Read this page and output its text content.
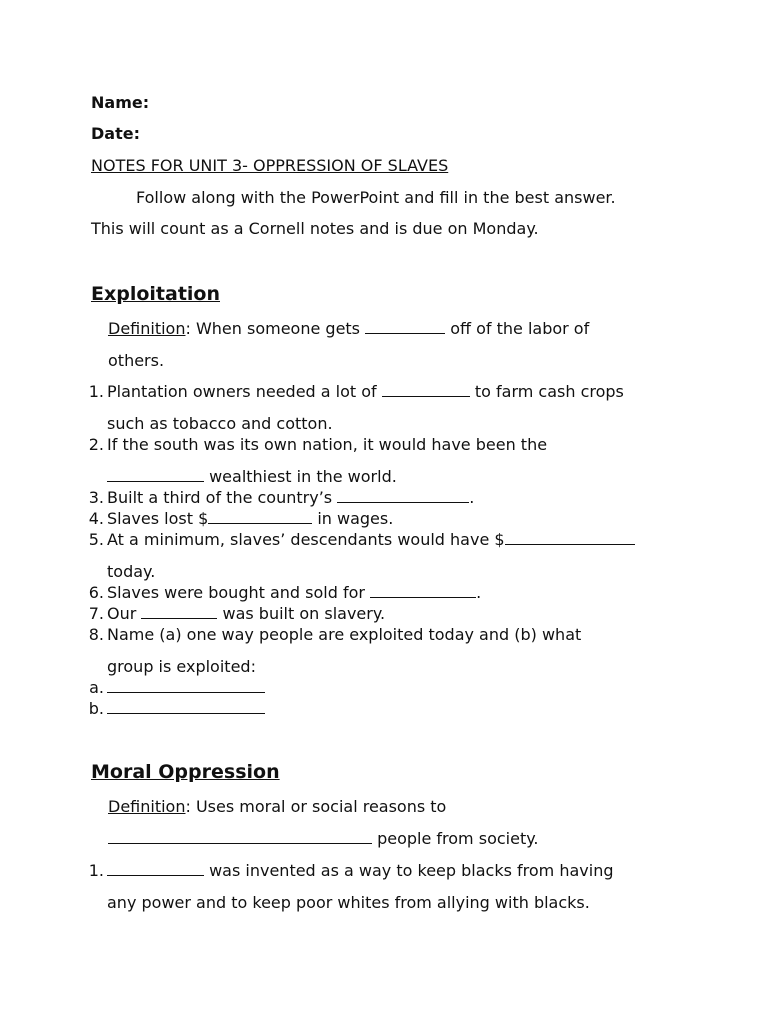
Name:
Date:
NOTES FOR UNIT 3- OPPRESSION OF SLAVES
Follow along with the PowerPoint and fill in the best answer.
This will count as a Cornell notes and is due on Monday.
Exploitation
Definition: When someone gets	off of the labor of
others.
1. Plantation owners needed a lot of	to farm cash crops
such as tobacco and cotton.
2. If the south was its own nation, it would have been the
wealthiest in the world.
3. Built a third of the country’s	.
4. Slaves lost $	in wages.
5. At a minimum, slaves’ descendants would have $
today.
6. Slaves were bought and sold for	.
7. Our	was built on slavery.
8. Name (a) one way people are exploited today and (b) what
group is exploited:
a.
b.
Moral Oppression
Definition: Uses moral or social reasons to
people from society.
1.	was invented as a way to keep blacks from having
any power and to keep poor whites from allying with blacks.
